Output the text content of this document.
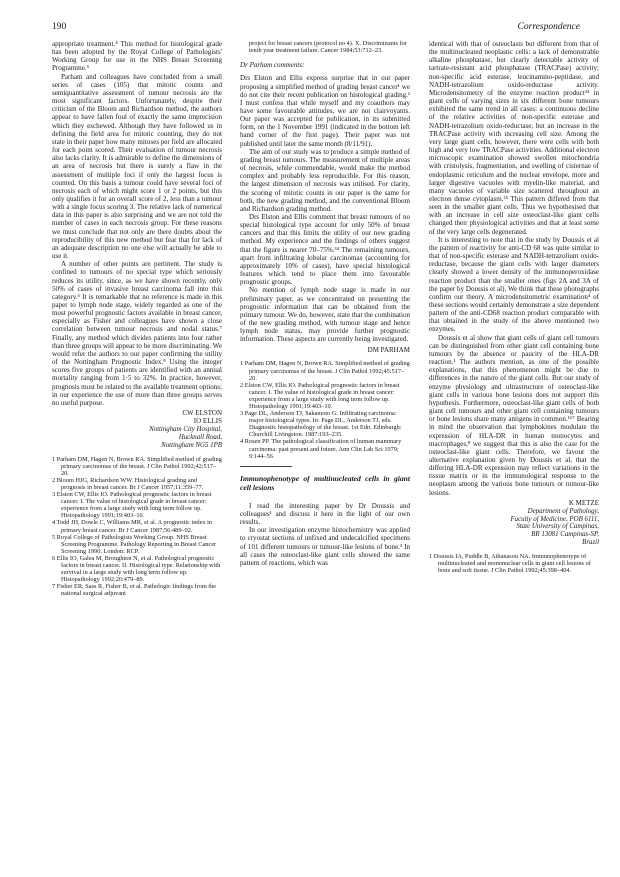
190	Correspondence

appropriate treatment.⁴ This method for histological grade has been adopted by the Royal College of Pathologists' Working Group for use in the NHS Breast Screening Programme.⁵

Parham and colleagues have concluded from a small series of cases (105) that mitotic counts and semiquantitative assessment of tumour necrosis are the most significant factors. Unfortunately, despite their criticism of the Bloom and Richardson method, the authors appear to have fallen foul of exactly the same imprecision which they eschewed. Although they have followed us in defining the field area for mitotic counting, they do not state in their paper how many mitoses per field are allocated for each point scored. Their evaluation of tumour necrosis also lacks clarity. It is admirable to define the dimensions of an area of necrosis but there is surely a flaw in the assessment of multiple foci if only the largest focus is counted. On this basis a tumour could have several foci of necrosis each of which might score 1 or 2 points, but this only qualifies it for an overall score of 2, less than a tumour with a single focus scoring 3. The relative lack of numerical data in this paper is also surprising and we are not told the number of cases in each necrosis group. For these reasons we must conclude that not only are there doubts about the reproducibility of this new method but fear that for lack of an adequate description no one else will actually be able to use it.

A number of other points are pertinent. The study is confined to tumours of no special type which seriously reduces its utility, since, as we have shown recently, only 50% of cases of invasive breast carcinoma fall into this category.⁶ It is remarkable that no reference is made in this paper to lymph node stage, widely regarded as one of the most powerful prognostic factors available in breast cancer, especially as Fisher and colleagues have shown a close correlation between tumour necrosis and nodal status.⁷ Finally, any method which divides patients into four rather than three groups will appear to be more discriminating. We would refer the authors to our paper confirming the utility of the Nottingham Prognostic Index.⁸ Using the integer scores five groups of patients are identified with an annual mortality ranging from 1·5 to 32%. In practice, however, prognosis must be related to the available treatment options; in our experience the use of more than three groups serves no useful purpose.

CW ELSTON
IO ELLIS
Nottingham City Hospital,
Hucknall Road,
Nottingham NG5 1PB
1 Parham DM, Hagen N, Brown RA. Simplified method of grading primary carcinomas of the breast. J Clin Pathol 1992;42:517–20.
2 Bloom HJG, Richardson WW. Histological grading and prognosis in breast cancer. Br J Cancer 1957;11:359–77.
3 Elston CW, Ellis IO. Pathological prognostic factors in breast cancer. I. The value of histological grade in breast cancer: experience from a large study with long term follow up. Histopathology 1991;19:403–10.
4 Todd JH, Dowle C, Williams MR, et al. A prognostic index in primary breast cancer. Br J Cancer 1987;56:489–92.
5 Royal College of Pathologists Working Group. NHS Breast Screening Programme. Pathology Reporting in Breast Cancer Screening 1990. London: RCP.
6 Ellis IO, Galea M, Broughton N, et al. Pathological prognostic factors in breast cancer. II. Histological type. Relationship with survival in a large study with long term follow up. Histopathology 1992;20:479–89.
7 Fisher ER, Sass R, Fisher B, et al. Pathologic findings from the national surgical adjuvant
project for breast cancers (protocol no 4). X. Discriminants for tenth year treatment failure. Cancer 1984;53:712–23.
Dr Parham comments:

Drs Elston and Ellis express surprise that in our paper proposing a simplified method of grading breast cancer¹ we do not cite their recent publication on histological grading.² I must confess that while myself and my coauthors may have some favourable attitudes, we are not clairvoyants. Our paper was accepted for publication, in its submitted form, on the 1 November 1991 (indicated in the bottom left hand corner of the first page). Their paper was not published until later the same month (8/11/91).

The aim of our study was to produce a simple method of grading breast tumours. The measurement of multiple areas of necrosis, while commendable, would make the method complex and probably less reproducible. For this reason, the largest dimension of necrosis was utilised. For clarity, the scoring of mitotic counts in our paper is the same for both, the new grading method, and the conventional Bloom and Richardson grading method.

Drs Elston and Ellis comment that breast tumours of no special histological type account for only 50% of breast cancers and that this limits the utility of our new grading method. My experience and the findings of others suggest that the figure is nearer 70–75%.³⁴ The remaining tumours, apart from infiltrating lobular carcinomas (accounting for approximately 10% of cases), have special histological features which tend to place them into favourable prognostic groups.

No mention of lymph node stage is made in our preliminary paper, as we concentrated on presenting the prognostic information that can be obtained from the primary tumour. We do, however, state that the combination of the new grading method, with tumour stage and hence lymph node status, may provide further prognostic information. These aspects are currently being investigated.

DM PARHAM
1 Parham DM, Hagen N, Brown RA. Simplified method of grading primary carcinomas of the breast. J Clin Pathol 1992;45:517–20.
2 Elston CW, Ellis IO. Pathological prognostic factors in breast cancer. I. The value of histological grade in breast cancer: experience from a large study with long term follow up. Histopathology 1991;19:403–10.
3 Page DL, Anderson TJ, Sakamoto G. Infiltrating carcinoma: major histological types. In: Page DL, Anderson TJ, eds. Diagnostic histopathology of the breast. 1st Edn. Edinburgh: Churchill Livingston. 1987:193–235.
4 Rosen PP. The pathological classification of human mammary carcinoma: past present and future. Ann Clin Lab Sci 1979; 9:144–56.
Immunophenotype of multinucleated cells in giant cell lesions

I read the interesting paper by Dr Doussis and colleagues¹ and discuss it here in the light of our own results.

In our investigation enzyme histochemistry was applied to cryostat sections of unfixed and undecalcified specimens of 101 different tumours or tumour-like lesions of bone.² In all cases the osteoclast-like giant cells showed the same pattern of reactions, which was

identical with that of osteoclasts but different from that of the multinucleated neoplastic cells: a lack of demonstrable alkaline phosphatase, but clearly detectable activity of tartrate-resistant acid phosphatase (TRACPase) activity; non-specific acid esterase, leucinamino-peptidase, and NADH-tetrazolium oxido-reductase activity. Microdensitometry of the enzyme reaction product³⁴ in giant cells of varying sizes in six different bone tumours exhibited the same trend in all cases: a continuous decline of the relative activities of non-specific esterase and NADH-tetrazolium oxido-reductase, but an increase in the TRACPase activity with increasing cell size. Among the very large giant cells, however, there were cells with both high and very low TRACPase activities. Additional electron microscopic examination showed swollen mitochondria with cristolysis, fragmentation, and swelling of cisternae of endoplasmic reticulum and the nuclear envelope, more and larger digestive vacuoles with myelin-like material, and many vacuoles of variable size scattered throughout an electron dense cytoplasm.²⁵ This pattern differed from that seen in the smaller giant cells. Thus we hypothesised that with an increase in cell size osteoclast-like giant cells changed their physiological activities and that at least some of the very large cells degenerated.

It is interesting to note that in the study by Doussis et al the pattern of reactivity for anti-CD 68 was quite similar to that of non-specific esterase and NADH-tetrazolium oxido-reductase, because the giant cells with larger diameters clearly showed a lower density of the immunoperoxidase reaction product than the smaller ones (figs 2A and 3A of the paper by Doussis et al). We think that these photographs confirm our theory. A microdensitometric examination⁴ of these sections would certainly demonstrate a size dependent pattern of the anti-CD68 reaction product comparable with that obtained in the study of the above mentioned two enzymes.

Doussis et al show that giant cells of giant cell tumours can be distinguished from other giant cell containing bone tumours by the absence or paucity of the HLA-DR reaction.¹ The authors mention, as one of the possible explanations, that this phenomenon might be due to differences in the nature of the giant cells. But our study of enzyme physiology and ultrastructure of osteoclast-like giant cells in various bone lesions does not support this hypothesis. Furthermore, osteoclast-like giant cells of both giant cell tumours and other giant cell containing tumours or bone lesions share many antigens in common.¹⁶⁷ Bearing in mind the observation that lymphokines modulate the expression of HLA-DR in human monocytes and macrophages,⁸ we suggest that this is also the case for the osteoclast-like giant cells. Therefore, we favour the alternative explanation given by Doussis et al, that the differing HLA-DR expression may reflect variations in the tissue matrix or in the immunological response to the neoplasm among the various bone tumours or tumour-like lesions.

K METZE
Department of Pathology,
Faculty of Medicine, POB 6111,
State University of Campinas,
BR 13081 Campinas-SP,
Brazil
1 Doussis IA, Puddle B, Athanasou NA. Immunophenotype of multinucleated and mononuclear cells in giant cell lesions of bone and soft tissue. J Clin Pathol 1992;45:398–404.
